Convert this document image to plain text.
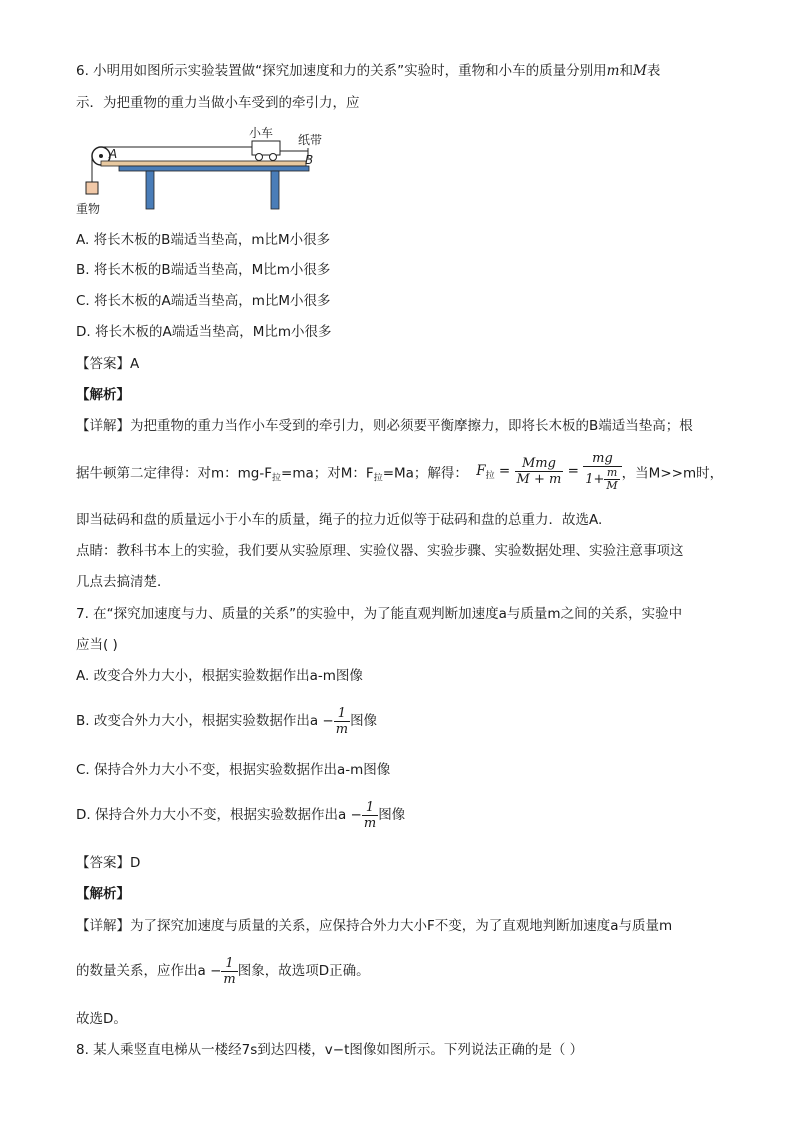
6. 小明用如图所示实验装置做“探究加速度和力的关系”实验时，重物和小车的质量分别用m和M表
示．为把重物的重力当做小车受到的牵引力，应
小车 纸带
A	B
重物
A. 将长木板的B端适当垫高，m比M小很多
B. 将长木板的B端适当垫高，M比m小很多
C. 将长木板的A端适当垫高，m比M小很多
D. 将长木板的A端适当垫高，M比m小很多
【答案】A
【解析】
【详解】为把重物的重力当作小车受到的牵引力，则必须要平衡摩擦力，即将长木板的B端适当垫高；根
据牛顿第二定律得：对m：$mg-F_拉=ma$；对M：$F_拉=Ma$；解得： $F_拉 = \frac{\text{Mmg}}{M + m} = \frac{mg}{1+ \frac{m}{M}}$ ，当M>>m时，
即当砝码和盘的质量远小于小车的质量，绳子的拉力近似等于砝码和盘的总重力．故选A.
点睛：教科书本上的实验，我们要从实验原理、实验仪器、实验步骤、实验数据处理、实验注意事项这
几点去搞清楚．
7. 在“探究加速度与力、质量的关系”的实验中，为了能直观判断加速度a与质量m之间的关系，实验中
应当( )
A. 改变合外力大小，根据实验数据作出a-m图像
B. 改变合外力大小，根据实验数据作出$a - \frac{1}{m}$ 图像
C. 保持合外力大小不变，根据实验数据作出a-m图像
D. 保持合外力大小不变，根据实验数据作出$a - \frac{1}{m}$ 图像
【答案】D
【解析】
【详解】为了探究加速度与质量的关系，应保持合外力大小F不变，为了直观地判断加速度a与质量m
的数量关系，应作出$a - \frac{1}{m}$ 图象，故选项D正确。
故选D。
8. 某人乘竖直电梯从一楼经7s到达四楼，v−t图像如图所示。下列说法正确的是（ ）
